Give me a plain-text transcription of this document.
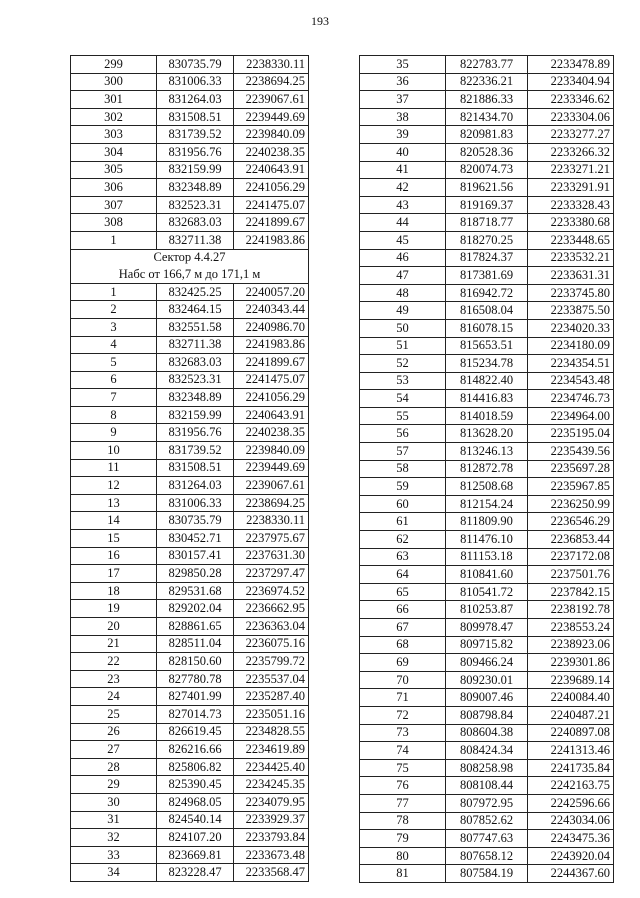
193
299	830735.79	2238330.11
300	831006.33	2238694.25
301	831264.03	2239067.61
302	831508.51	2239449.69
303	831739.52	2239840.09
304	831956.76	2240238.35
305	832159.99	2240643.91
306	832348.89	2241056.29
307	832523.31	2241475.07
308	832683.03	2241899.67
1	832711.38	2241983.86
Сектор 4.4.27		
Набс от 166,7 м до 171,1 м		
1	832425.25	2240057.20
2	832464.15	2240343.44
3	832551.58	2240986.70
4	832711.38	2241983.86
5	832683.03	2241899.67
6	832523.31	2241475.07
7	832348.89	2241056.29
8	832159.99	2240643.91
9	831956.76	2240238.35
10	831739.52	2239840.09
11	831508.51	2239449.69
12	831264.03	2239067.61
13	831006.33	2238694.25
14	830735.79	2238330.11
15	830452.71	2237975.67
16	830157.41	2237631.30
17	829850.28	2237297.47
18	829531.68	2236974.52
19	829202.04	2236662.95
20	828861.65	2236363.04
21	828511.04	2236075.16
22	828150.60	2235799.72
23	827780.78	2235537.04
24	827401.99	2235287.40
25	827014.73	2235051.16
26	826619.45	2234828.55
27	826216.66	2234619.89
28	825806.82	2234425.40
29	825390.45	2234245.35
30	824968.05	2234079.95
31	824540.14	2233929.37
32	824107.20	2233793.84
33	823669.81	2233673.48
34	823228.47	2233568.47
35	822783.77	2233478.89
36	822336.21	2233404.94
37	821886.33	2233346.62
38	821434.70	2233304.06
39	820981.83	2233277.27
40	820528.36	2233266.32
41	820074.73	2233271.21
42	819621.56	2233291.91
43	819169.37	2233328.43
44	818718.77	2233380.68
45	818270.25	2233448.65
46	817824.37	2233532.21
47	817381.69	2233631.31
48	816942.72	2233745.80
49	816508.04	2233875.50
50	816078.15	2234020.33
51	815653.51	2234180.09
52	815234.78	2234354.51
53	814822.40	2234543.48
54	814416.83	2234746.73
55	814018.59	2234964.00
56	813628.20	2235195.04
57	813246.13	2235439.56
58	812872.78	2235697.28
59	812508.68	2235967.85
60	812154.24	2236250.99
61	811809.90	2236546.29
62	811476.10	2236853.44
63	811153.18	2237172.08
64	810841.60	2237501.76
65	810541.72	2237842.15
66	810253.87	2238192.78
67	809978.47	2238553.24
68	809715.82	2238923.06
69	809466.24	2239301.86
70	809230.01	2239689.14
71	809007.46	2240084.40
72	808798.84	2240487.21
73	808604.38	2240897.08
74	808424.34	2241313.46
75	808258.98	2241735.84
76	808108.44	2242163.75
77	807972.95	2242596.66
78	807852.62	2243034.06
79	807747.63	2243475.36
80	807658.12	2243920.04
81	807584.19	2244367.60
